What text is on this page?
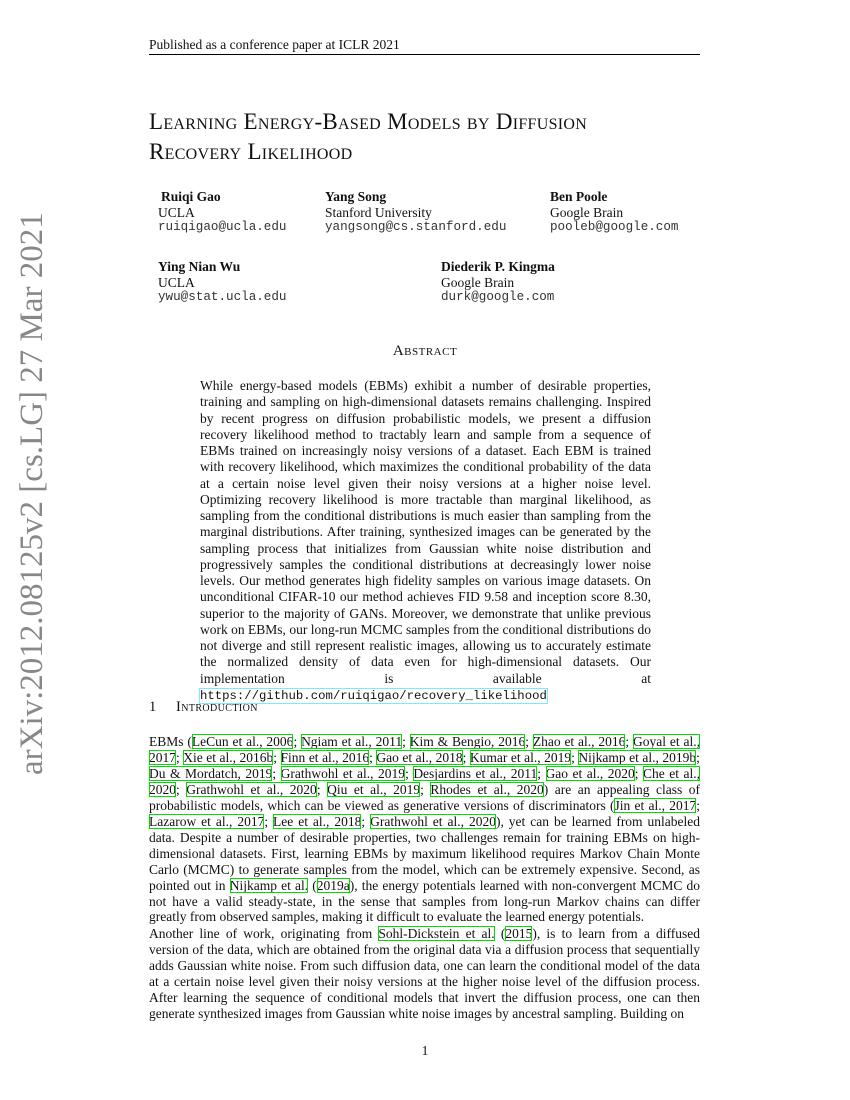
Published as a conference paper at ICLR 2021
arXiv:2012.08125v2 [cs.LG] 27 Mar 2021
Learning Energy-Based Models by Diffusion
Recovery Likelihood
Ruiqi Gao
UCLA
ruiqigao@ucla.edu
Yang Song
Stanford University
yangsong@cs.stanford.edu
Ben Poole
Google Brain
pooleb@google.com
Ying Nian Wu
UCLA
ywu@stat.ucla.edu
Diederik P. Kingma
Google Brain
durk@google.com
Abstract
While energy-based models (EBMs) exhibit a number of desirable properties, training and sampling on high-dimensional datasets remains challenging. Inspired by recent progress on diffusion probabilistic models, we present a diffusion recovery likelihood method to tractably learn and sample from a sequence of EBMs trained on increasingly noisy versions of a dataset. Each EBM is trained with recovery likelihood, which maximizes the conditional probability of the data at a certain noise level given their noisy versions at a higher noise level. Optimizing recovery likelihood is more tractable than marginal likelihood, as sampling from the conditional distributions is much easier than sampling from the marginal distributions. After training, synthesized images can be generated by the sampling process that initializes from Gaussian white noise distribution and progressively samples the conditional distributions at decreasingly lower noise levels. Our method generates high fidelity samples on various image datasets. On unconditional CIFAR-10 our method achieves FID 9.58 and inception score 8.30, superior to the majority of GANs. Moreover, we demonstrate that unlike previous work on EBMs, our long-run MCMC samples from the conditional distributions do not diverge and still represent realistic images, allowing us to accurately estimate the normalized density of data even for high-dimensional datasets. Our implementation is available at https://github.com/ruiqigao/recovery_likelihood
1 Introduction
EBMs (LeCun et al., 2006; Ngiam et al., 2011; Kim & Bengio, 2016; Zhao et al., 2016; Goyal et al., 2017; Xie et al., 2016b; Finn et al., 2016; Gao et al., 2018; Kumar et al., 2019; Nijkamp et al., 2019b; Du & Mordatch, 2019; Grathwohl et al., 2019; Desjardins et al., 2011; Gao et al., 2020; Che et al., 2020; Grathwohl et al., 2020; Qiu et al., 2019; Rhodes et al., 2020) are an appealing class of probabilistic models, which can be viewed as generative versions of discriminators (Jin et al., 2017; Lazarow et al., 2017; Lee et al., 2018; Grathwohl et al., 2020), yet can be learned from unlabeled data. Despite a number of desirable properties, two challenges remain for training EBMs on high-dimensional datasets. First, learning EBMs by maximum likelihood requires Markov Chain Monte Carlo (MCMC) to generate samples from the model, which can be extremely expensive. Second, as pointed out in Nijkamp et al. (2019a), the energy potentials learned with non-convergent MCMC do not have a valid steady-state, in the sense that samples from long-run Markov chains can differ greatly from observed samples, making it difficult to evaluate the learned energy potentials.
Another line of work, originating from Sohl-Dickstein et al. (2015), is to learn from a diffused version of the data, which are obtained from the original data via a diffusion process that sequentially adds Gaussian white noise. From such diffusion data, one can learn the conditional model of the data at a certain noise level given their noisy versions at the higher noise level of the diffusion process. After learning the sequence of conditional models that invert the diffusion process, one can then generate synthesized images from Gaussian white noise images by ancestral sampling. Building on
1
